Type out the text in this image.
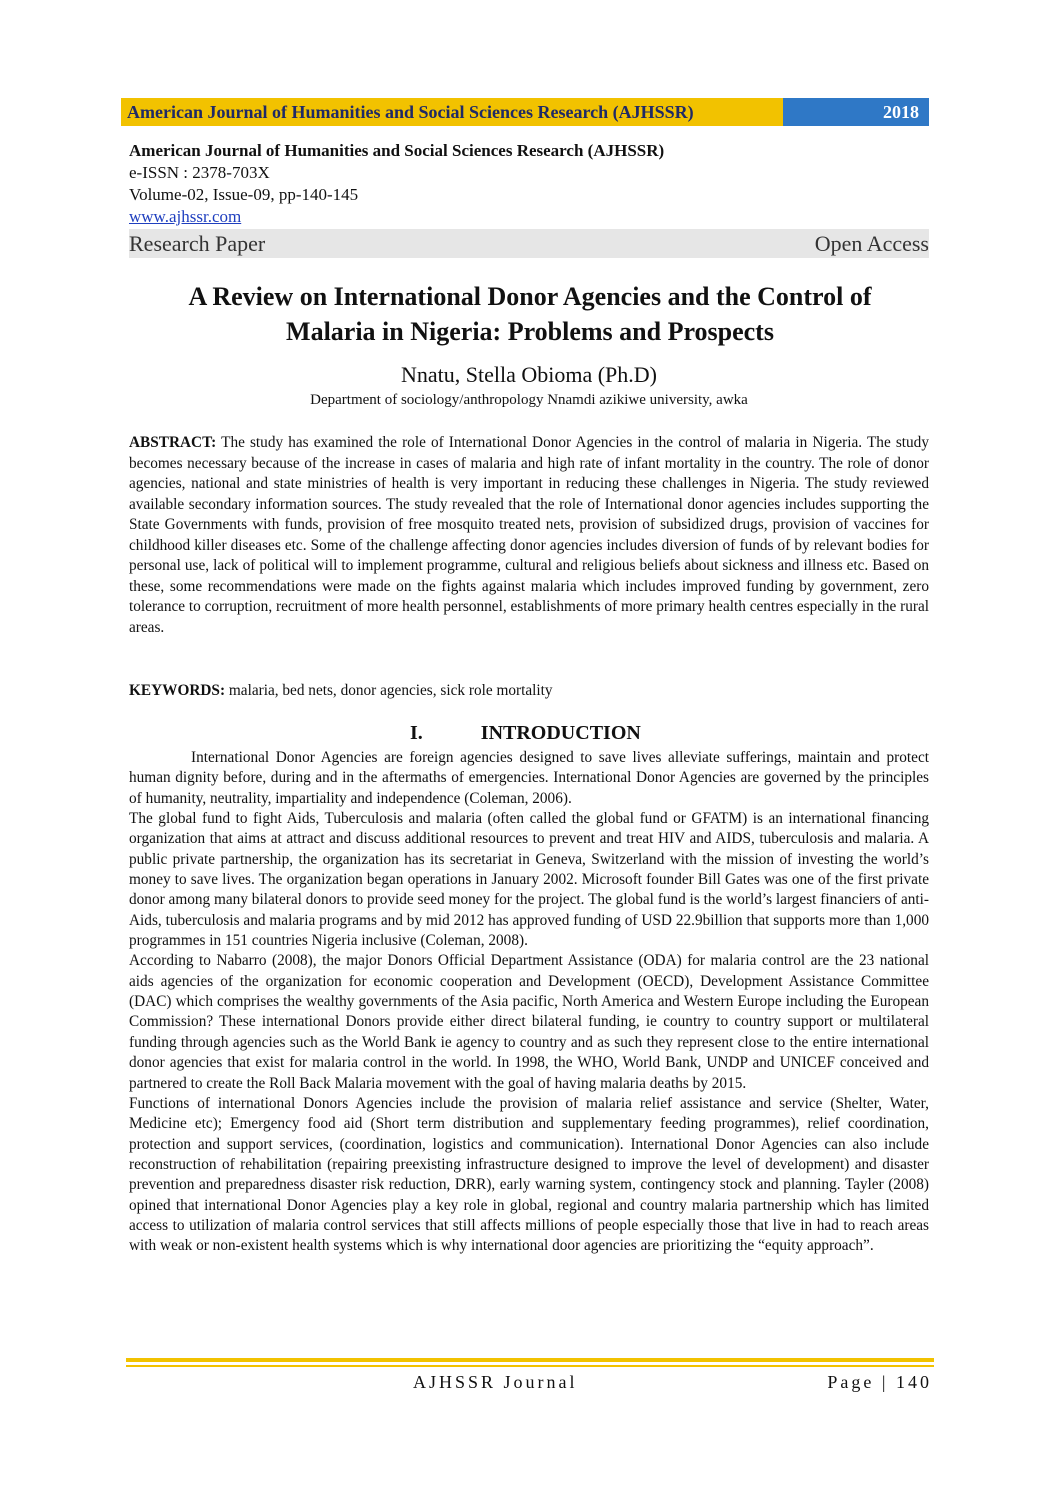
American Journal of Humanities and Social Sciences Research (AJHSSR)	2018
American Journal of Humanities and Social Sciences Research (AJHSSR)
e-ISSN : 2378-703X
Volume-02, Issue-09, pp-140-145
www.ajhssr.com
Research Paper	Open Access
A Review on International Donor Agencies and the Control of
Malaria in Nigeria: Problems and Prospects
Nnatu, Stella Obioma (Ph.D)
Department of sociology/anthropology Nnamdi azikiwe university, awka
ABSTRACT: The study has examined the role of International Donor Agencies in the control of malaria in Nigeria. The study becomes necessary because of the increase in cases of malaria and high rate of infant mortality in the country. The role of donor agencies, national and state ministries of health is very important in reducing these challenges in Nigeria. The study reviewed available secondary information sources. The study revealed that the role of International donor agencies includes supporting the State Governments with funds, provision of free mosquito treated nets, provision of subsidized drugs, provision of vaccines for childhood killer diseases etc. Some of the challenge affecting donor agencies includes diversion of funds of by relevant bodies for personal use, lack of political will to implement programme, cultural and religious beliefs about sickness and illness etc. Based on these, some recommendations were made on the fights against malaria which includes improved funding by government, zero tolerance to corruption, recruitment of more health personnel, establishments of more primary health centres especially in the rural areas.
KEYWORDS: malaria, bed nets, donor agencies, sick role mortality
I.	INTRODUCTION

International Donor Agencies are foreign agencies designed to save lives alleviate sufferings, maintain and protect human dignity before, during and in the aftermaths of emergencies. International Donor Agencies are governed by the principles of humanity, neutrality, impartiality and independence (Coleman, 2006).

The global fund to fight Aids, Tuberculosis and malaria (often called the global fund or GFATM) is an international financing organization that aims at attract and discuss additional resources to prevent and treat HIV and AIDS, tuberculosis and malaria. A public private partnership, the organization has its secretariat in Geneva, Switzerland with the mission of investing the world’s money to save lives. The organization began operations in January 2002. Microsoft founder Bill Gates was one of the first private donor among many bilateral donors to provide seed money for the project. The global fund is the world’s largest financiers of anti-Aids, tuberculosis and malaria programs and by mid 2012 has approved funding of USD 22.9billion that supports more than 1,000 programmes in 151 countries Nigeria inclusive (Coleman, 2008).

According to Nabarro (2008), the major Donors Official Department Assistance (ODA) for malaria control are the 23 national aids agencies of the organization for economic cooperation and Development (OECD), Development Assistance Committee (DAC) which comprises the wealthy governments of the Asia pacific, North America and Western Europe including the European Commission? These international Donors provide either direct bilateral funding, ie country to country support or multilateral funding through agencies such as the World Bank ie agency to country and as such they represent close to the entire international donor agencies that exist for malaria control in the world. In 1998, the WHO, World Bank, UNDP and UNICEF conceived and partnered to create the Roll Back Malaria movement with the goal of having malaria deaths by 2015.

Functions of international Donors Agencies include the provision of malaria relief assistance and service (Shelter, Water, Medicine etc); Emergency food aid (Short term distribution and supplementary feeding programmes), relief coordination, protection and support services, (coordination, logistics and communication). International Donor Agencies can also include reconstruction of rehabilitation (repairing preexisting infrastructure designed to improve the level of development) and disaster prevention and preparedness disaster risk reduction, DRR), early warning system, contingency stock and planning. Tayler (2008) opined that international Donor Agencies play a key role in global, regional and country malaria partnership which has limited access to utilization of malaria control services that still affects millions of people especially those that live in had to reach areas with weak or non-existent health systems which is why international door agencies are prioritizing the “equity approach”.

AJHSSR Journal	Page | 140
